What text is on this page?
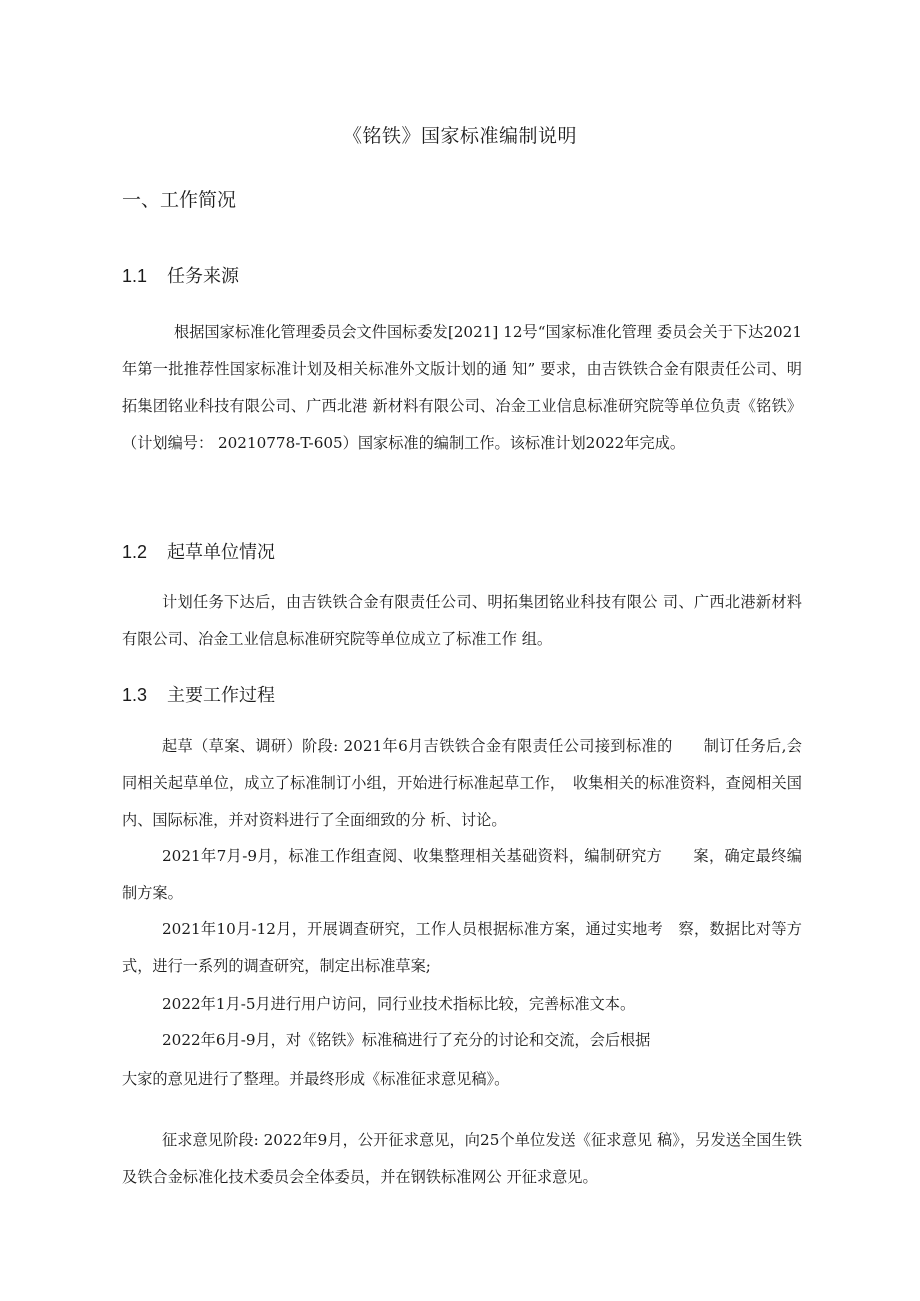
《铭铁》国家标准编制说明
一、工作简况
1.1 任务来源

根据国家标准化管理委员会文件国标委发[2021] 12号“国家标准化管理 委员会关于下达2021年第一批推荐性国家标准计划及相关标准外文版计划的通 知” 要求，由吉铁铁合金有限责任公司、明拓集团铭业科技有限公司、广西北港 新材料有限公司、冶金工业信息标准研究院等单位负责《铭铁》（计划编号： 20210778-T-605）国家标准的编制工作。该标准计划2022年完成。

1.2 起草单位情况

计划任务下达后，由吉铁铁合金有限责任公司、明拓集团铭业科技有限公 司、广西北港新材料有限公司、冶金工业信息标准研究院等单位成立了标准工作 组。

1.3 主要工作过程

起草（草案、调研）阶段: 2021年6月吉铁铁合金有限责任公司接到标准的　　制订任务后,会同相关起草单位，成立了标准制订小组，开始进行标准起草工作，　收集相关的标准资料，查阅相关国内、国际标准，并对资料进行了全面细致的分 析、讨论。

2021年7月-9月，标准工作组查阅、收集整理相关基础资料，编制研究方　　案，确定最终编制方案。

2021年10月-12月，开展调查研究，工作人员根据标准方案，通过实地考　察，数据比对等方式，进行一系列的调查研究，制定出标准草案;

2022年1月-5月进行用户访问，同行业技术指标比较，完善标准文本。

2022年6月-9月，对《铭铁》标准稿进行了充分的讨论和交流，会后根据

大家的意见进行了整理。并最终形成《标准征求意见稿》。

征求意见阶段: 2022年9月，公开征求意见，向25个单位发送《征求意见 稿》，另发送全国生铁及铁合金标准化技术委员会全体委员，并在钢铁标准网公 开征求意见。
